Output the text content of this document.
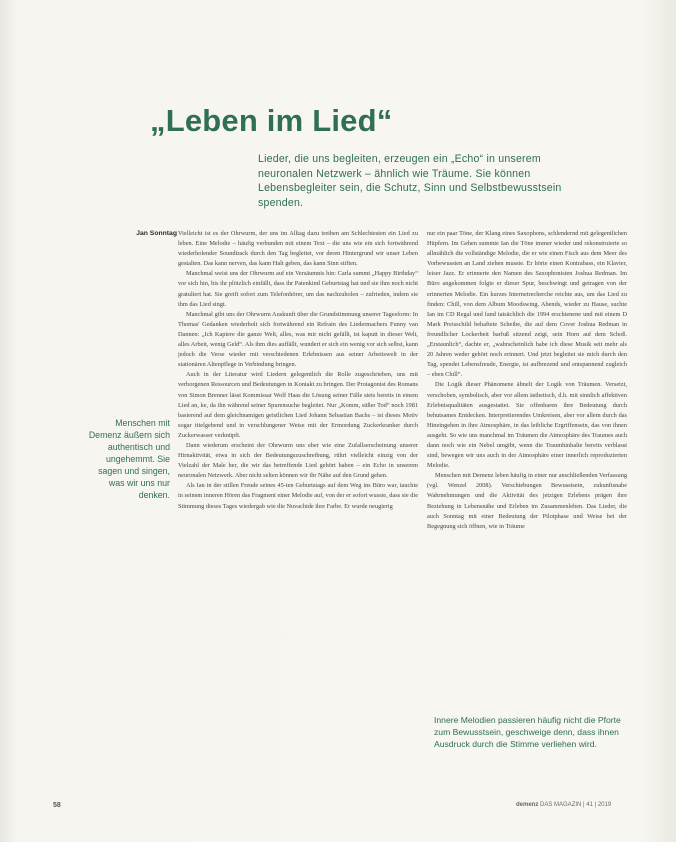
„Leben im Lied“
Lieder, die uns begleiten, erzeugen ein „Echo“ in unserem neuronalen Netzwerk – ähnlich wie Träume. Sie können Lebensbegleiter sein, die Schutz, Sinn und Selbstbewusstsein spenden.
Jan Sonntag
Menschen mit Demenz äußern sich authentisch und ungehemmt. Sie sagen und singen, was wir uns nur denken.

Vielleicht ist es der Ohrwurm, der uns im Alltag dazu treiben am Schlechtesten ein Lied zu leben. Eine Melodie – häufig verbunden mit einem Text – die uns wie ein sich fortwährend wiederholender Soundtrack durch den Tag begleitet, vor deren Hintergrund wir unser Leben gestalten. Das kann nerven, das kann Halt geben, das kann Sinn stiften.

Manchmal weist uns der Ohrwurm auf ein Versäumnis hin: Carla summt „Happy Birthday“ vor sich hin, bis ihr plötzlich einfällt, dass ihr Patenkind Geburtstag hat und sie ihm noch nicht gratuliert hat. Sie greift sofort zum Telefonhörer, um das nachzuholen – zufrieden, indem sie ihm das Lied singt.

Manchmal gibt uns der Ohrwurm Auskunft über die Grundstimmung unserer Tagesform: In Thomas' Gedanken wiederholt sich fortwährend ein Refrain des Liedermachers Funny van Dannen: „Ich Kapiere die ganze Welt, alles, was mir nicht gefällt, ist kaputt in dieser Welt, alles Arbeit, wenig Geld“. Als ihm dies auffällt, wundert er sich ein wenig vor sich selbst, kann jedoch die Verse wieder mit verschiedenen Erlebnissen aus seiner Arbeitswelt in der stationären Altenpflege in Verbindung bringen.

Auch in der Literatur wird Liedern gelegentlich die Rolle zugeschrieben, uns mit verborgenen Ressourcen und Bedeutungen in Kontakt zu bringen. Der Protagonist des Romans von Simon Brenner lässt Kommissar Wolf Haas die Lösung seiner Fälle stets bereits in einem Lied an, ke, da ihn während seiner Spurensuche begleitet. Nur „Komm, süßer Tod“ noch 1981 basierend auf dem gleichnamigen geistlichen Lied Johann Sebastian Bachs – ist dieses Motiv sogar titelgebend und in verschlungener Weise mit der Ermordung Zuckerkranker durch Zuckerwasser verknüpft.

Dann wiederum erscheint der Ohrwurm uns eher wie eine Zufallserscheinung unserer Hirnaktivität, etwa in sich der Bedeutungszuschreibung, rührt vielleicht einzig von der Vielzahl der Male her, die wir das betreffende Lied gehört haben – ein Echo in unserem neuronalen Netzwerk. Aber nicht selten können wir ihr Nähe auf den Grund gehen.

Als Ian in der stillen Freude seines 45-ten Geburtstags auf dem Weg ins Büro war, tauchte in seinem inneren Hören das Fragment einer Melodie auf, von der er sofort wusste, dass sie die Stimmung dieses Tages wiedergab wie die Nuvachide ihre Farbe. Er wurde neugierig

nur ein paar Töne, der Klang eines Saxophons, schlendernd mit gelegentlichen Hüpfern. Im Gehen summte Ian die Töne immer wieder und rekonstruierte so allmählich die vollständige Melodie, die er wie einen Fisch aus dem Meer des Vorbewussten an Land ziehen musste. Er hörte einen Kontrabass, ein Klavier, leiser Jazz. Er erinnerte den Namen des Saxophonisten Joshua Redman. Im Büro angekommen folgte er dieser Spur, beschwingt und getragen von der erinnerten Melodie. Ein kurzes Internetrecherche reichte aus, um das Lied zu finden: Chill, von dem Album Moodswing. Abends, wieder zu Hause, suchte Ian im CD Regal und fand tatsächlich die 1994 erschienene und mit einem D Mark Preisschild behaftete Scheibe, die auf dem Cover Joshua Redman in freundlicher Lockerheit barfuß sitzend zeigt, sein Horn auf dem Schoß. „Erstaunlich“, dachte er, „wahrscheinlich habe ich diese Musik seit mehr als 20 Jahren weder gehört noch erinnert. Und jetzt begleitet sie mich durch den Tag, spendet Lebensfreude, Energie, ist aufbrezend und entspannend zugleich – eben Chill“.

Die Logik dieser Phänomene ähnelt der Logik von Träumen. Versetzt, verschoben, symbolisch, aber vor allem ästhetisch, d.h. mit sinnlich affektiven Erlebnisqualitäten ausgestattet. Sie offenbaren ihre Bedeutung durch behutsames Entdecken. Interpretierendes Umkreisen, aber vor allem durch das Hineingehen in ihre Atmosphäre, in das leibliche Ergriffensein, das von ihnen ausgeht. So wie uns manchmal im Träumen die Atmosphäre des Traumes auch dann noch wie ein Nebel umgibt, wenn die Traumhinhalte bereits verblasst sind, bewegen wir uns auch in der Atmosphäre einer innerlich reproduzierten Melodie.

Menschen mit Demenz leben häufig in einer nur anschließenden Verfassung (vgl. Wenzel 2008). Verschiebungen Bewusstsein, zukunftsnahe Wahrnehmungen und die Aktivität des jetzigen Erlebens prägen ihre Beziehung in Lebensnähe und Erleben im Zusammenleben. Das Lieder, die auch Sonntag mit einer Bedeutung der Pilotphase und Weise bei der Begegnung sich öffnen, wie in Träume

Innere Melodien passieren häufig nicht die Pforte zum Bewusstsein, geschweige denn, dass ihnen Ausdruck durch die Stimme verliehen wird.
58	demenz DAS MAGAZIN | 41 | 2019
